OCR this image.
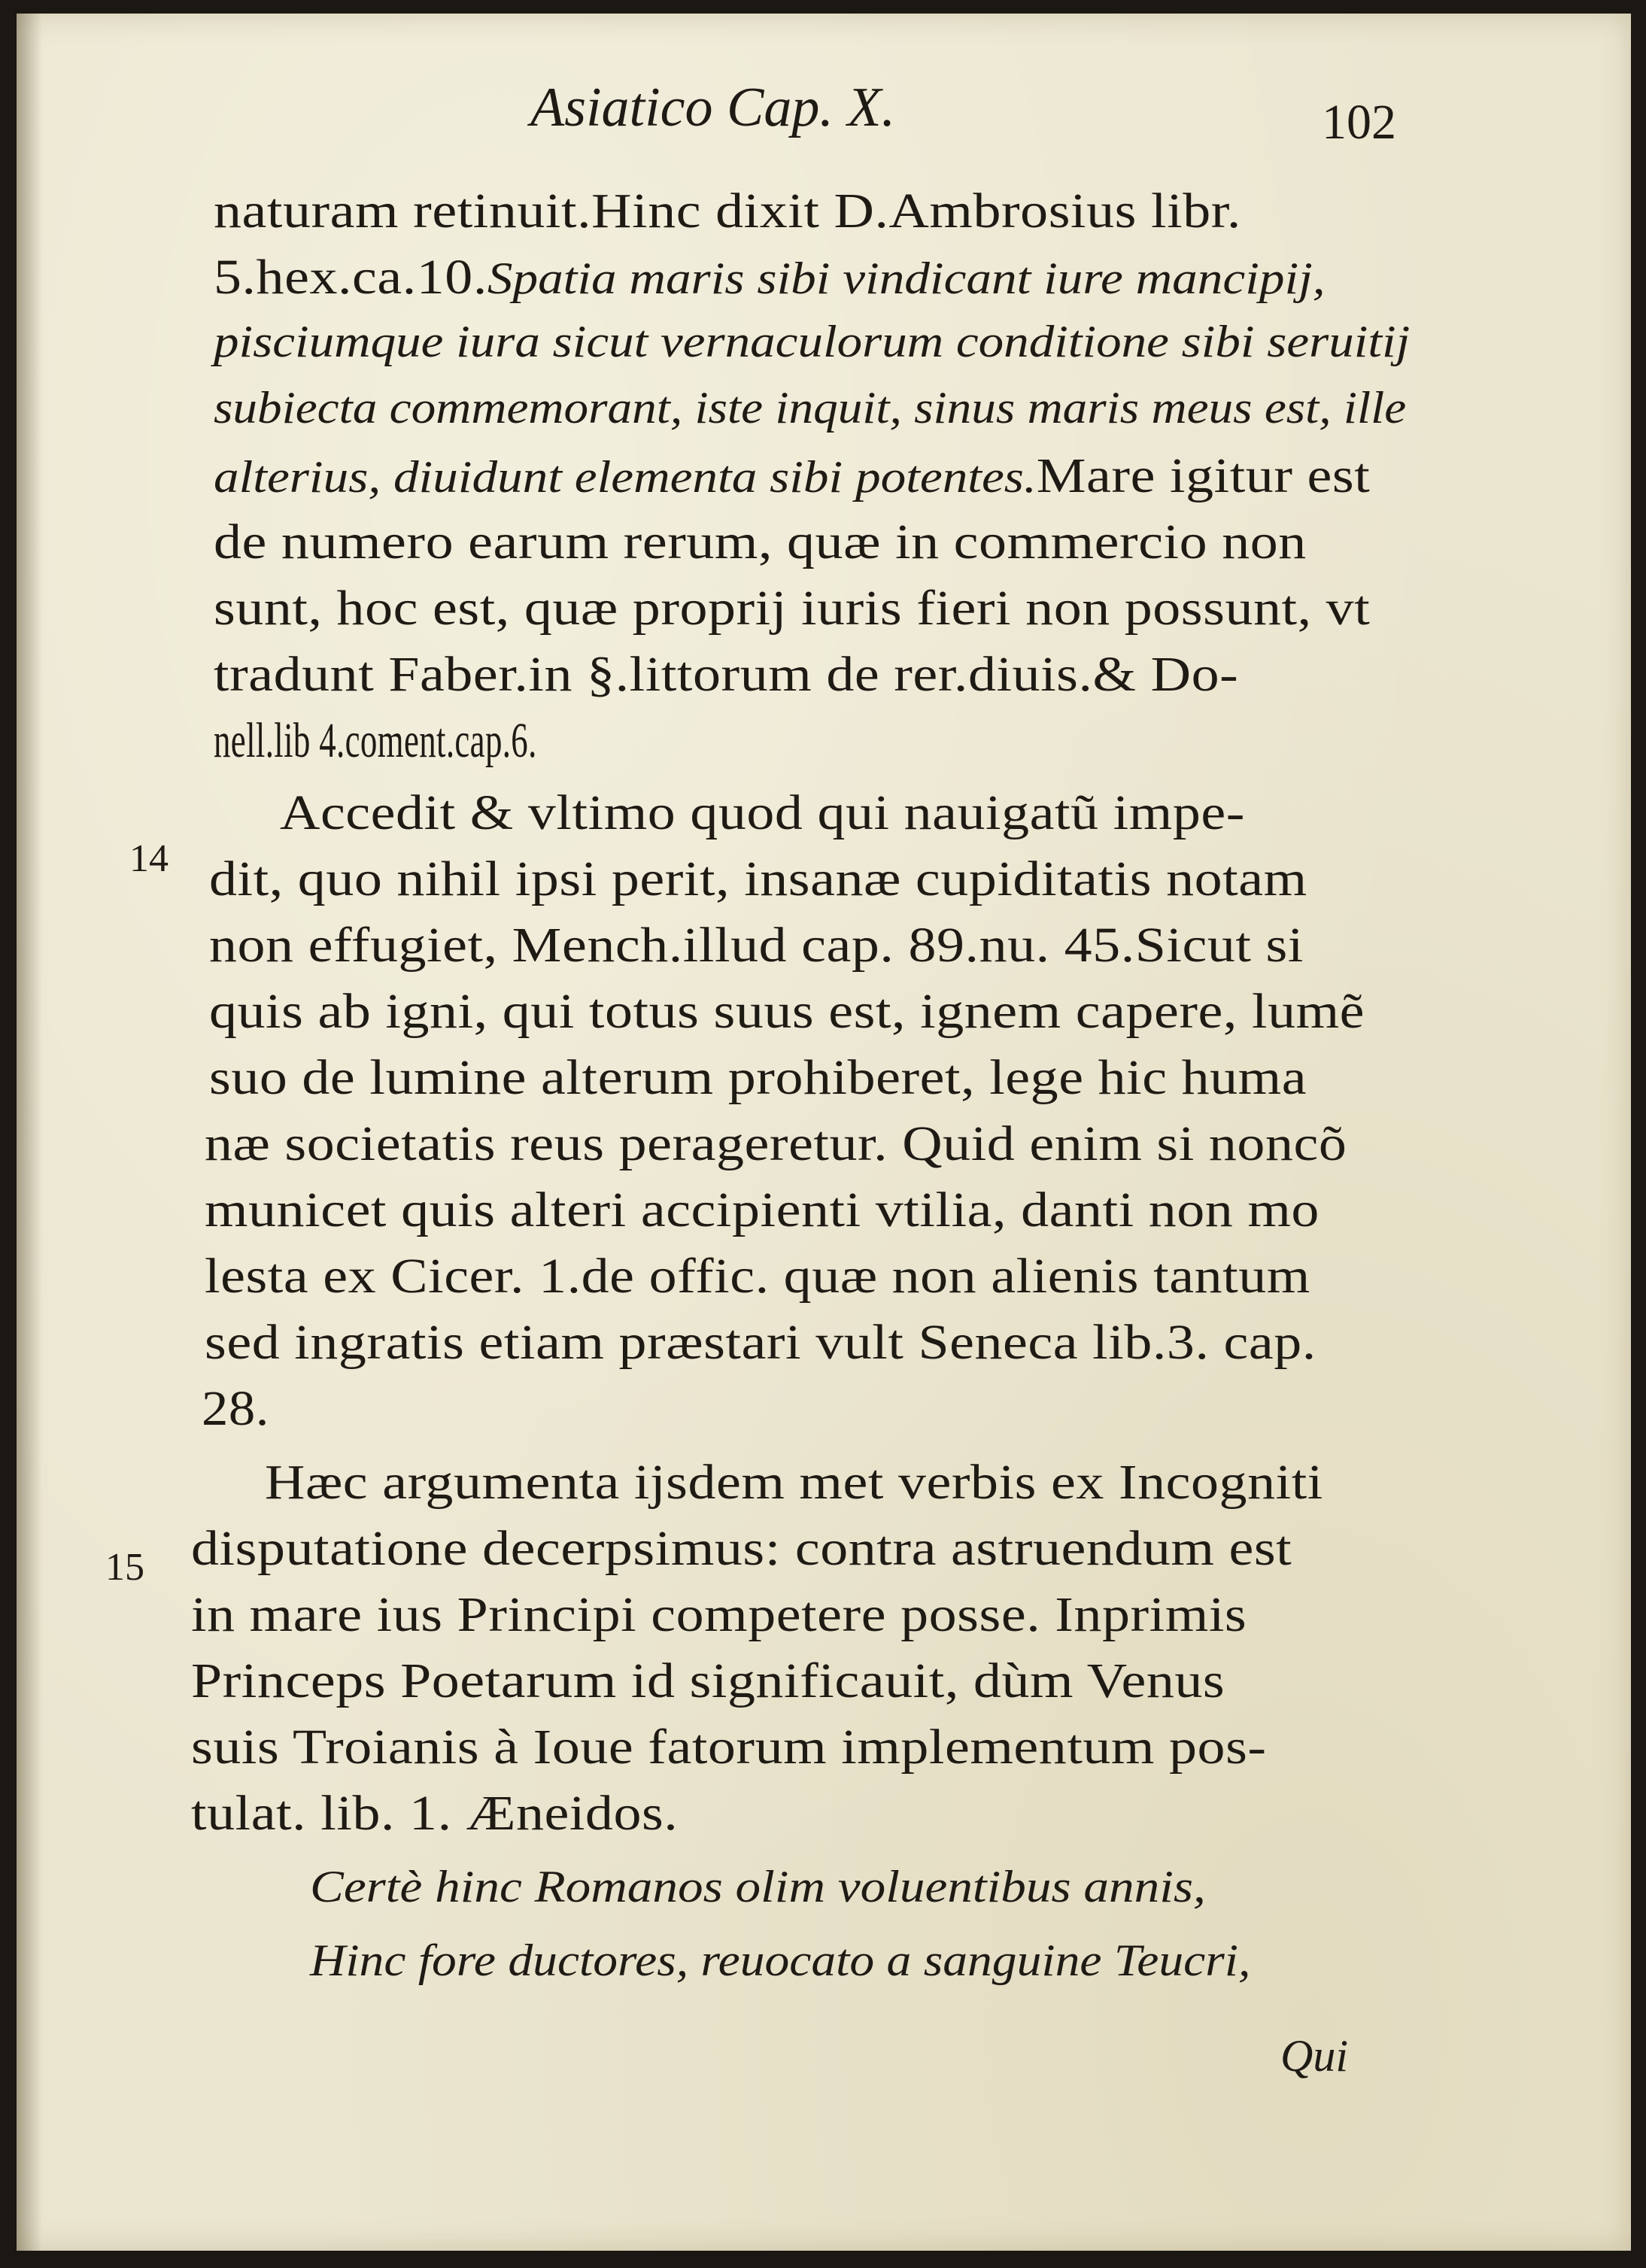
Asiatico Cap. X.	102
naturam retinuit.Hinc dixit D.Ambrosius libr.
5.hex.ca.10.Spatia maris sibi vindicant iure mancipij,
pisciumque iura sicut vernaculorum conditione sibi seruitij
subiecta commemorant, iste inquit, sinus maris meus est, ille
alterius, diuidunt elementa sibi potentes.Mare igitur est
de numero earum rerum, quæ in commercio non
sunt, hoc est, quæ proprij iuris fieri non possunt, vt
tradunt Faber.in §.littorum de rer.diuis.& Do-
nell.lib 4.coment.cap.6.
Accedit & vltimo quod qui nauigatũ impe-
dit, quo nihil ipsi perit, insanæ cupiditatis notam
non effugiet, Mench.illud cap. 89.nu. 45.Sicut si
quis ab igni, qui totus suus est, ignem capere, lumẽ
suo de lumine alterum prohiberet, lege hic huma
næ societatis reus perageretur. Quid enim si noncõ
municet quis alteri accipienti vtilia, danti non mo
lesta ex Cicer. 1.de offic. quæ non alienis tantum
sed ingratis etiam præstari vult Seneca lib.3. cap.
28.
Hæc argumenta ijsdem met verbis ex Incogniti
disputatione decerpsimus: contra astruendum est
in mare ius Principi competere posse. Inprimis
Princeps Poetarum id significauit, dùm Venus
suis Troianis à Ioue fatorum implementum pos-
tulat. lib. 1. Æneidos.
Certè hinc Romanos olim voluentibus annis,
Hinc fore ductores, reuocato a sanguine Teucri,
14
15
Qui
